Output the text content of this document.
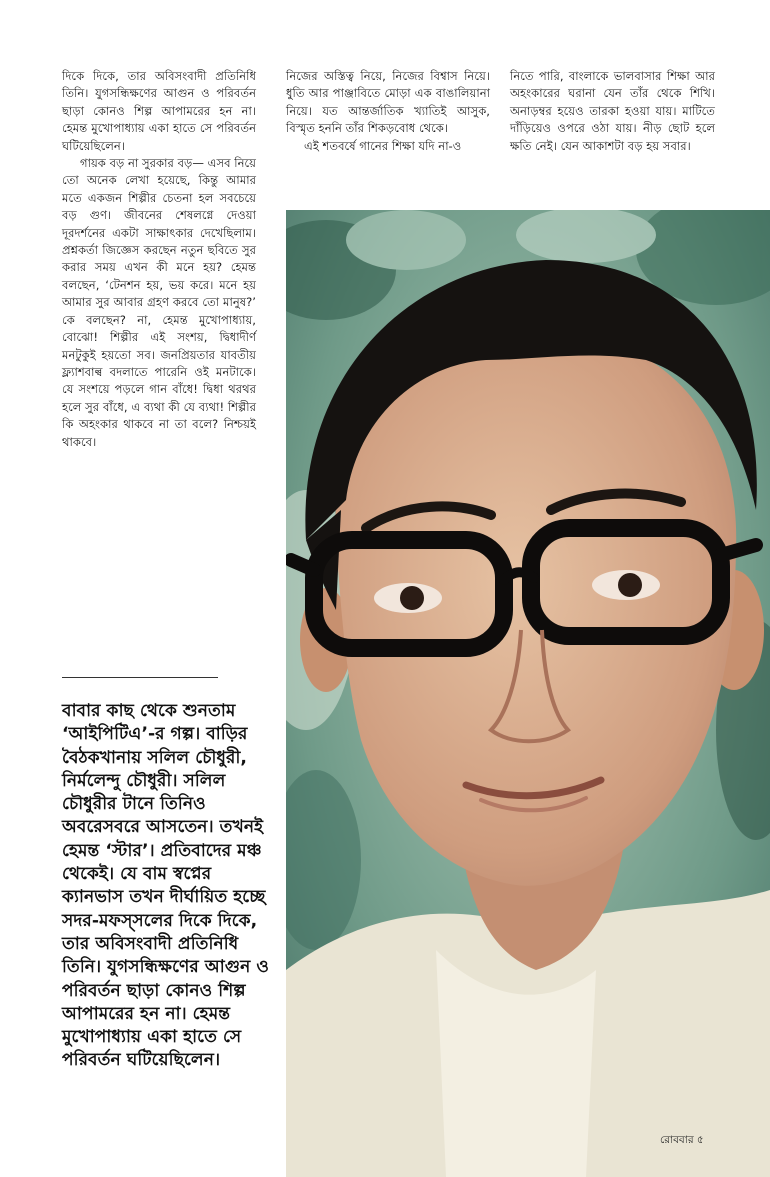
দিকে দিকে, তার অবিসংবাদী প্রতিনিধি তিনি। যুগসন্ধিক্ষণের আগুন ও পরিবর্তন ছাড়া কোনও শিল্প আপামরের হন না। হেমন্ত মুখোপাধ্যায় একা হাতে সে পরিবর্তন ঘটিয়েছিলেন।

গায়ক বড় না সুরকার বড়— এসব নিয়ে তো অনেক লেখা হয়েছে, কিন্তু আমার মতে একজন শিল্পীর চেতনা হল সবচেয়ে বড় গুণ। জীবনের শেষলগ্নে দেওয়া দূরদর্শনের একটা সাক্ষাৎকার দেখেছিলাম। প্রশ্নকর্তা জিজ্ঞেস করছেন নতুন ছবিতে সুর করার সময় এখন কী মনে হয়? হেমন্ত বলছেন, ‘টেনশন হয়, ভয় করে। মনে হয় আমার সুর আবার গ্রহণ করবে তো মানুষ?’ কে বলছেন? না, হেমন্ত মুখোপাধ্যায়, বোঝো! শিল্পীর এই সংশয়, দ্বিধাদীর্ণ মনটুকুই হয়তো সব। জনপ্রিয়তার যাবতীয় ফ্ল্যাশবাল্ব বদলাতে পারেনি ওই মনটাকে। যে সংশয়ে পড়লে গান বাঁধে! দ্বিধা থরথর হলে সুর বাঁধে, এ ব্যথা কী যে ব্যথা! শিল্পীর কি অহংকার থাকবে না তা বলে? নিশ্চয়ই থাকবে।

নিজের অস্তিত্ব নিয়ে, নিজের বিশ্বাস নিয়ে। ধুতি আর পাঞ্জাবিতে মোড়া এক বাঙালিয়ানা নিয়ে। যত আন্তর্জাতিক খ্যাতিই আসুক, বিস্মৃত হননি তাঁর শিকড়বোধ থেকে।

এই শতবর্ষে গানের শিক্ষা যদি না-ও

নিতে পারি, বাংলাকে ভালবাসার শিক্ষা আর অহংকারের ঘরানা যেন তাঁর থেকে শিখি। অনাড়ম্বর হয়েও তারকা হওয়া যায়। মাটিতে দাঁড়িয়েও ওপরে ওঠা যায়। নীড় ছোট হলে ক্ষতি নেই। যেন আকাশটা বড় হয় সবার।

বাবার কাছ থেকে শুনতাম ‘আইপিটিএ’-র গল্প। বাড়ির বৈঠকখানায় সলিল চৌধুরী, নির্মলেন্দু চৌধুরী। সলিল চৌধুরীর টানে তিনিও অবরেসবরে আসতেন। তখনই হেমন্ত ‘স্টার’। প্রতিবাদের মঞ্চ থেকেই। যে বাম স্বপ্নের ক্যানভাস তখন দীর্ঘায়িত হচ্ছে সদর-মফস্সলের দিকে দিকে, তার অবিসংবাদী প্রতিনিধি তিনি। যুগসন্ধিক্ষণের আগুন ও পরিবর্তন ছাড়া কোনও শিল্প আপামরের হন না। হেমন্ত মুখোপাধ্যায় একা হাতে সে পরিবর্তন ঘটিয়েছিলেন।

রোববার ৫
